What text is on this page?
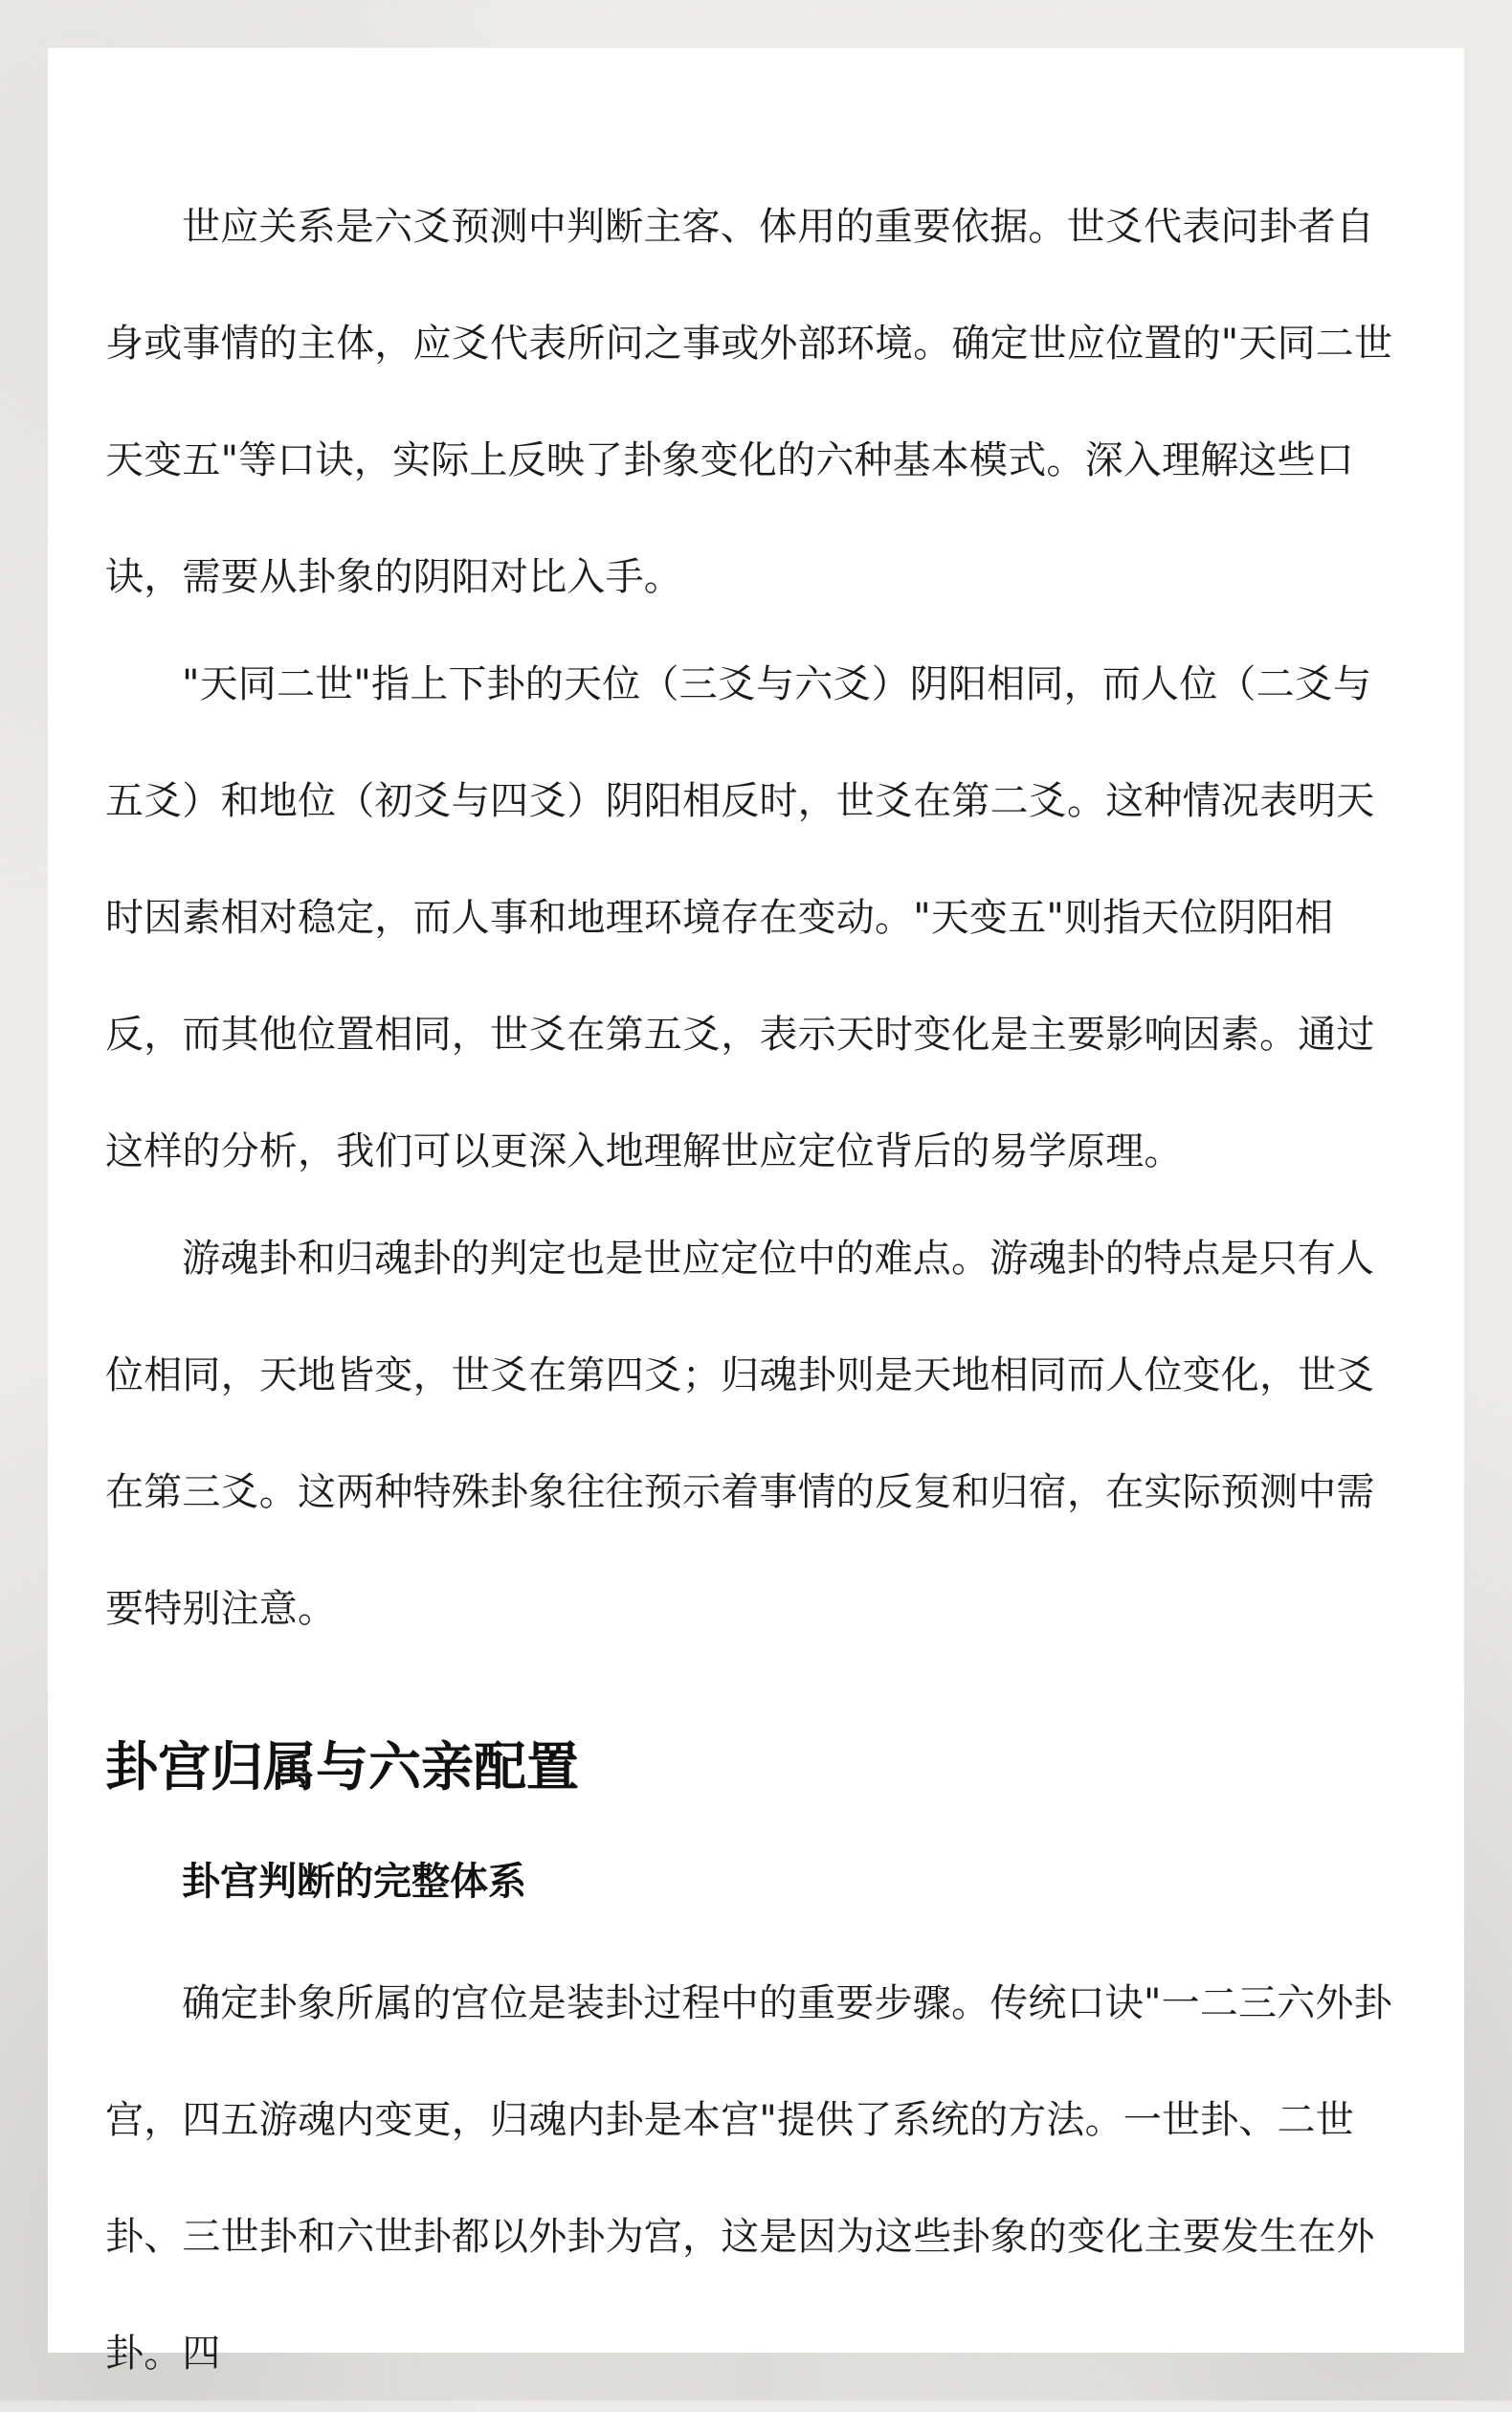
世应关系是六爻预测中判断主客、体用的重要依据。世爻代表问卦者自身或事情的主体，应爻代表所问之事或外部环境。确定世应位置的"天同二世天变五"等口诀，实际上反映了卦象变化的六种基本模式。深入理解这些口诀，需要从卦象的阴阳对比入手。

"天同二世"指上下卦的天位（三爻与六爻）阴阳相同，而人位（二爻与五爻）和地位（初爻与四爻）阴阳相反时，世爻在第二爻。这种情况表明天时因素相对稳定，而人事和地理环境存在变动。"天变五"则指天位阴阳相反，而其他位置相同，世爻在第五爻，表示天时变化是主要影响因素。通过这样的分析，我们可以更深入地理解世应定位背后的易学原理。

游魂卦和归魂卦的判定也是世应定位中的难点。游魂卦的特点是只有人位相同，天地皆变，世爻在第四爻；归魂卦则是天地相同而人位变化，世爻在第三爻。这两种特殊卦象往往预示着事情的反复和归宿，在实际预测中需要特别注意。

卦宫归属与六亲配置
卦宫判断的完整体系

确定卦象所属的宫位是装卦过程中的重要步骤。传统口诀"一二三六外卦宫，四五游魂内变更，归魂内卦是本宫"提供了系统的方法。一世卦、二世卦、三世卦和六世卦都以外卦为宫，这是因为这些卦象的变化主要发生在外卦。四
